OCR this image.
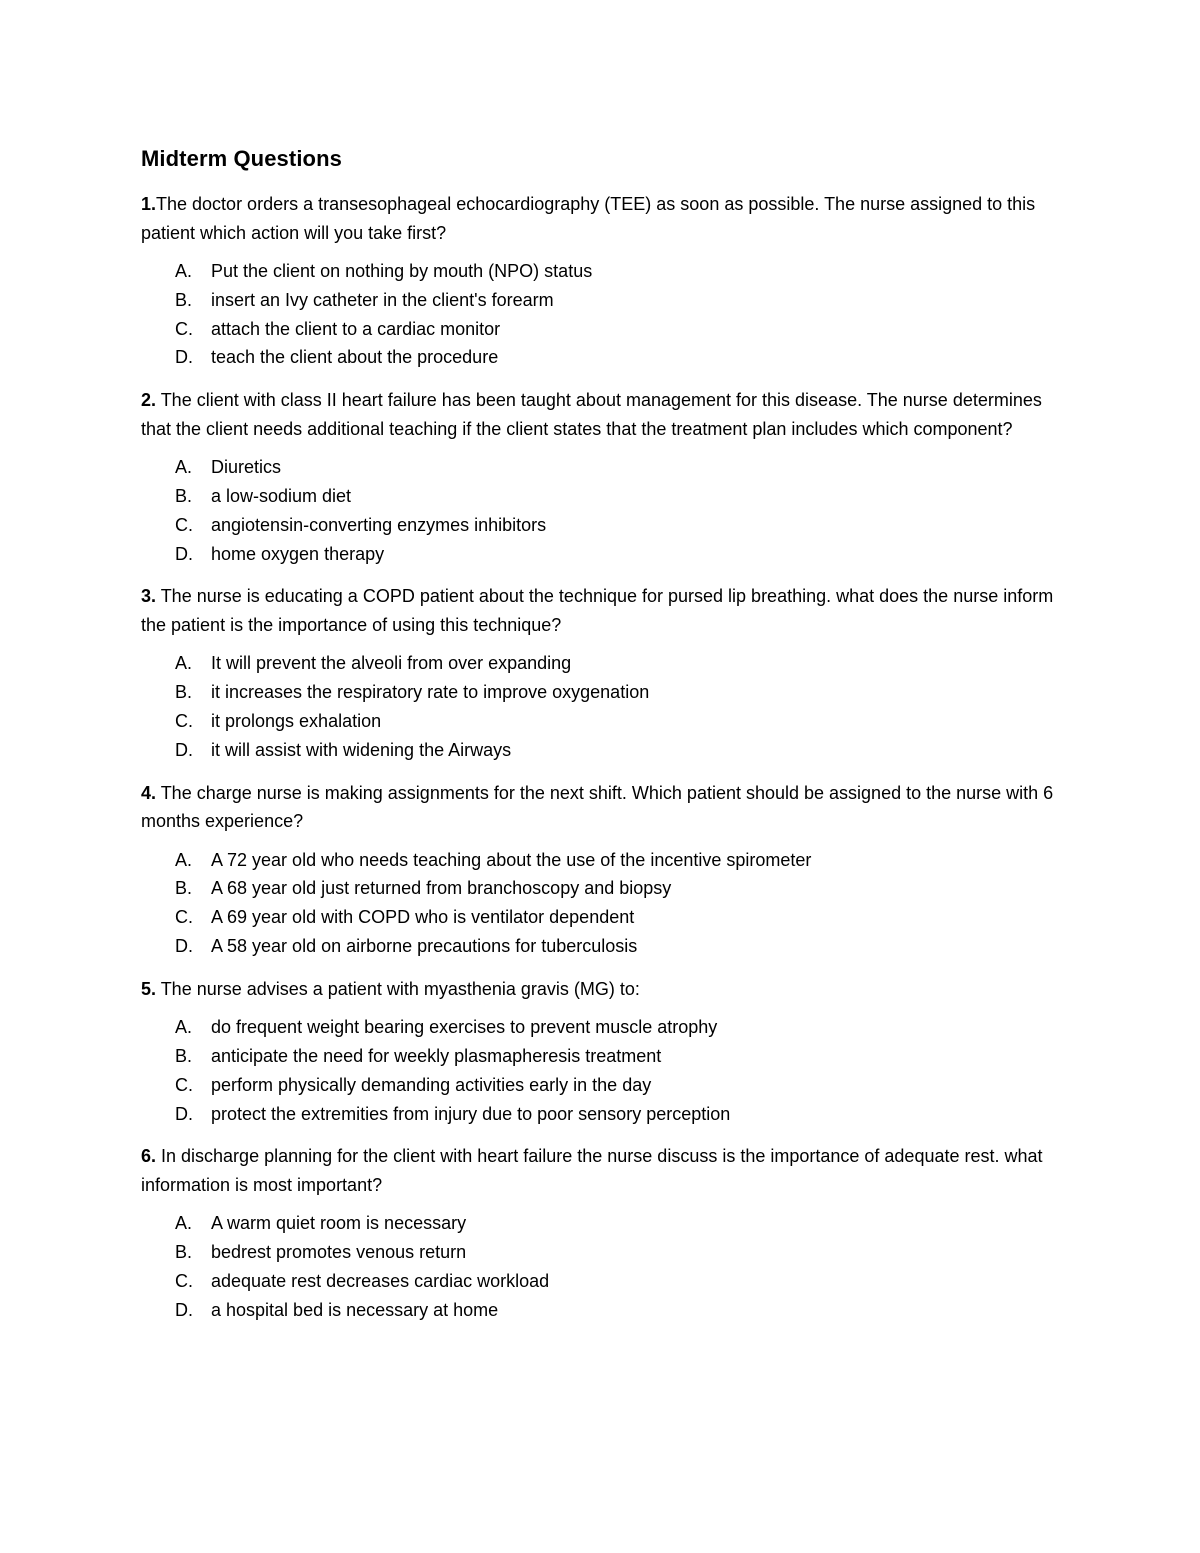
Midterm Questions

1.The doctor orders a transesophageal echocardiography (TEE) as soon as possible. The nurse assigned to this patient which action will you take first?

A.	Put the client on nothing by mouth (NPO) status
B.	insert an Ivy catheter in the client's forearm
C.	attach the client to a cardiac monitor
D.	teach the client about the procedure

2. The client with class II heart failure has been taught about management for this disease. The nurse determines that the client needs additional teaching if the client states that the treatment plan includes which component?

A.	Diuretics
B.	a low-sodium diet
C.	angiotensin-converting enzymes inhibitors
D.	home oxygen therapy

3. The nurse is educating a COPD patient about the technique for pursed lip breathing. what does the nurse inform the patient is the importance of using this technique?

A.	It will prevent the alveoli from over expanding
B.	it increases the respiratory rate to improve oxygenation
C.	it prolongs exhalation
D.	it will assist with widening the Airways

4. The charge nurse is making assignments for the next shift. Which patient should be assigned to the nurse with 6 months experience?

A.	A 72 year old who needs teaching about the use of the incentive spirometer
B.	A 68 year old just returned from branchoscopy and biopsy
C.	A 69 year old with COPD who is ventilator dependent
D.	A 58 year old on airborne precautions for tuberculosis

5. The nurse advises a patient with myasthenia gravis (MG) to:

A.	do frequent weight bearing exercises to prevent muscle atrophy
B.	anticipate the need for weekly plasmapheresis treatment
C.	perform physically demanding activities early in the day
D.	protect the extremities from injury due to poor sensory perception

6. In discharge planning for the client with heart failure the nurse discuss is the importance of adequate rest. what information is most important?

A.	A warm quiet room is necessary
B.	bedrest promotes venous return
C.	adequate rest decreases cardiac workload
D.	a hospital bed is necessary at home
